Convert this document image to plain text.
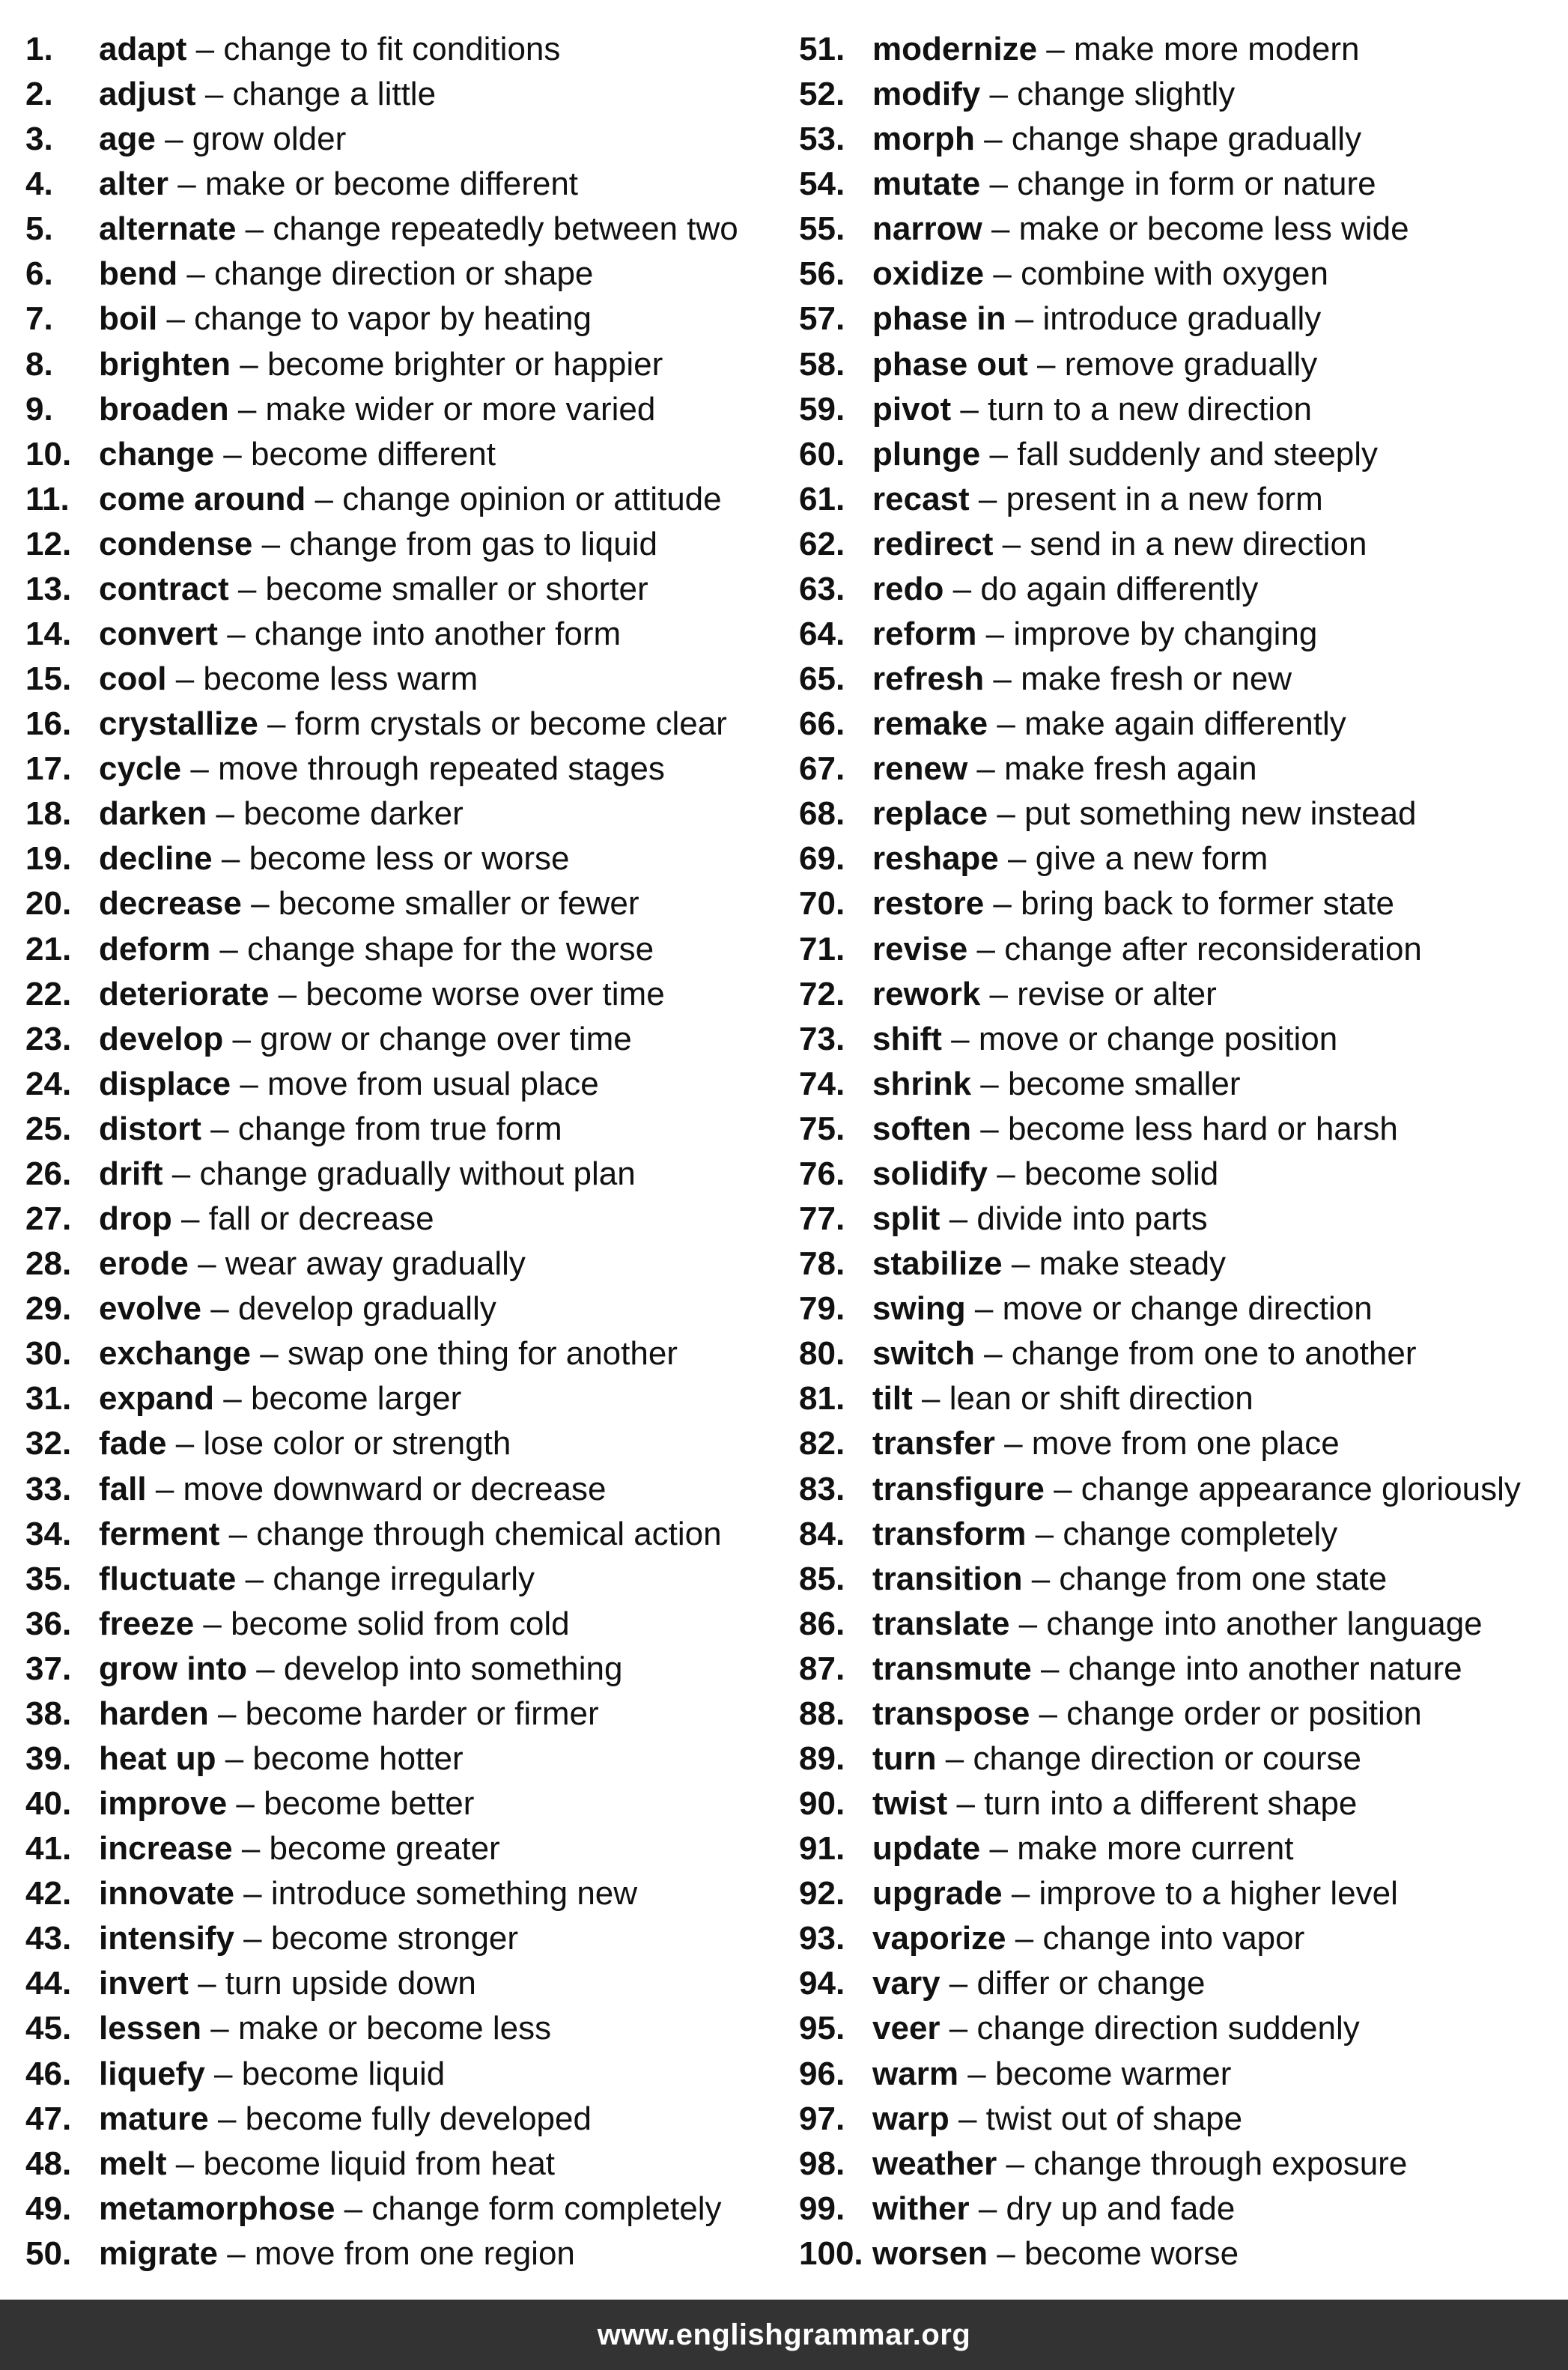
1. adapt – change to fit conditions
2. adjust – change a little
3. age – grow older
4. alter – make or become different
5. alternate – change repeatedly between two
6. bend – change direction or shape
7. boil – change to vapor by heating
8. brighten – become brighter or happier
9. broaden – make wider or more varied
10. change – become different
11. come around – change opinion or attitude
12. condense – change from gas to liquid
13. contract – become smaller or shorter
14. convert – change into another form
15. cool – become less warm
16. crystallize – form crystals or become clear
17. cycle – move through repeated stages
18. darken – become darker
19. decline – become less or worse
20. decrease – become smaller or fewer
21. deform – change shape for the worse
22. deteriorate – become worse over time
23. develop – grow or change over time
24. displace – move from usual place
25. distort – change from true form
26. drift – change gradually without plan
27. drop – fall or decrease
28. erode – wear away gradually
29. evolve – develop gradually
30. exchange – swap one thing for another
31. expand – become larger
32. fade – lose color or strength
33. fall – move downward or decrease
34. ferment – change through chemical action
35. fluctuate – change irregularly
36. freeze – become solid from cold
37. grow into – develop into something
38. harden – become harder or firmer
39. heat up – become hotter
40. improve – become better
41. increase – become greater
42. innovate – introduce something new
43. intensify – become stronger
44. invert – turn upside down
45. lessen – make or become less
46. liquefy – become liquid
47. mature – become fully developed
48. melt – become liquid from heat
49. metamorphose – change form completely
50. migrate – move from one region
51. modernize – make more modern
52. modify – change slightly
53. morph – change shape gradually
54. mutate – change in form or nature
55. narrow – make or become less wide
56. oxidize – combine with oxygen
57. phase in – introduce gradually
58. phase out – remove gradually
59. pivot – turn to a new direction
60. plunge – fall suddenly and steeply
61. recast – present in a new form
62. redirect – send in a new direction
63. redo – do again differently
64. reform – improve by changing
65. refresh – make fresh or new
66. remake – make again differently
67. renew – make fresh again
68. replace – put something new instead
69. reshape – give a new form
70. restore – bring back to former state
71. revise – change after reconsideration
72. rework – revise or alter
73. shift – move or change position
74. shrink – become smaller
75. soften – become less hard or harsh
76. solidify – become solid
77. split – divide into parts
78. stabilize – make steady
79. swing – move or change direction
80. switch – change from one to another
81. tilt – lean or shift direction
82. transfer – move from one place
83. transfigure – change appearance gloriously
84. transform – change completely
85. transition – change from one state
86. translate – change into another language
87. transmute – change into another nature
88. transpose – change order or position
89. turn – change direction or course
90. twist – turn into a different shape
91. update – make more current
92. upgrade – improve to a higher level
93. vaporize – change into vapor
94. vary – differ or change
95. veer – change direction suddenly
96. warm – become warmer
97. warp – twist out of shape
98. weather – change through exposure
99. wither – dry up and fade
100. worsen – become worse
www.englishgrammar.org
